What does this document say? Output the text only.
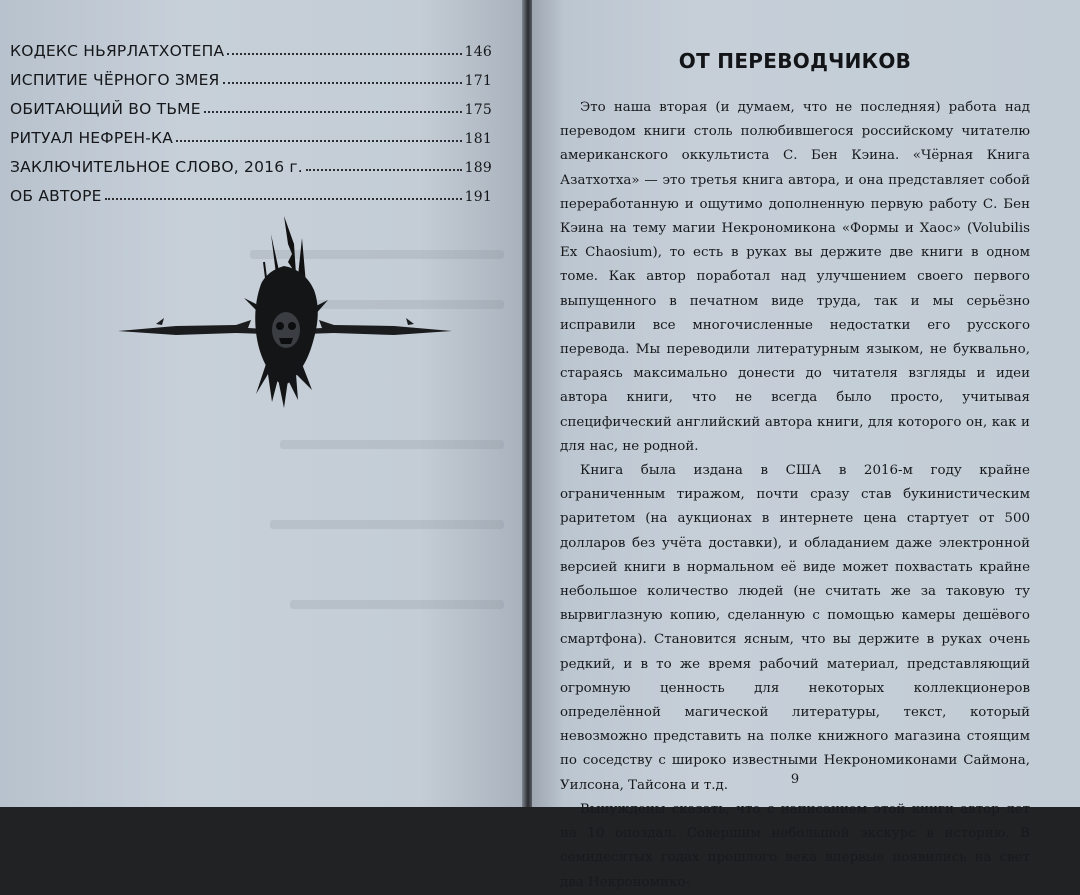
КОДЕКС НЬЯРЛАТХОТЕПА	146
ИСПИТИЕ ЧЁРНОГО ЗМЕЯ	171
ОБИТАЮЩИЙ ВО ТЬМЕ	175
РИТУАЛ НЕФРЕН-КА	181
ЗАКЛЮЧИТЕЛЬНОЕ СЛОВО, 2016 г.	189
ОБ АВТОРЕ	191
ОТ ПЕРЕВОДЧИКОВ

Это наша вторая (и думаем, что не последняя) работа над переводом книги столь полюбившегося российскому читателю американского оккультиста С. Бен Кэина. «Чёрная Книга Азатхотха» — это третья книга автора, и она представляет собой переработанную и ощутимо дополненную первую работу С. Бен Кэина на тему магии Некрономикона «Формы и Хаос» (Volubilis Ex Chaosium), то есть в руках вы держите две книги в одном томе. Как автор поработал над улучшением своего первого выпущенного в печатном виде труда, так и мы серьёзно исправили все многочисленные недостатки его русского перевода. Мы переводили литературным языком, не буквально, стараясь максимально донести до читателя взгляды и идеи автора книги, что не всегда было просто, учитывая специфический английский автора книги, для которого он, как и для нас, не родной.

Книга была издана в США в 2016-м году крайне ограниченным тиражом, почти сразу став букинистическим раритетом (на аукционах в интернете цена стартует от 500 долларов без учёта доставки), и обладанием даже электронной версией книги в нормальном её виде может похвастать крайне небольшое количество людей (не считать же за таковую ту вырвиглазную копию, сделанную с помощью камеры дешёвого смартфона). Становится ясным, что вы держите в руках очень редкий, и в то же время рабочий материал, представляющий огромную ценность для некоторых коллекционеров определённой магической литературы, текст, который невозможно представить на полке книжного магазина стоящим по соседству с широко известными Некрономиконами Саймона, Уилсона, Тайсона и т.д.

Вынуждены сказать, что с написанием этой книги автор лет на 10 опоздал. Совершим небольшой экскурс в историю. В семидесятых годах прошлого века впервые появились на свет два Некрономико-

9
